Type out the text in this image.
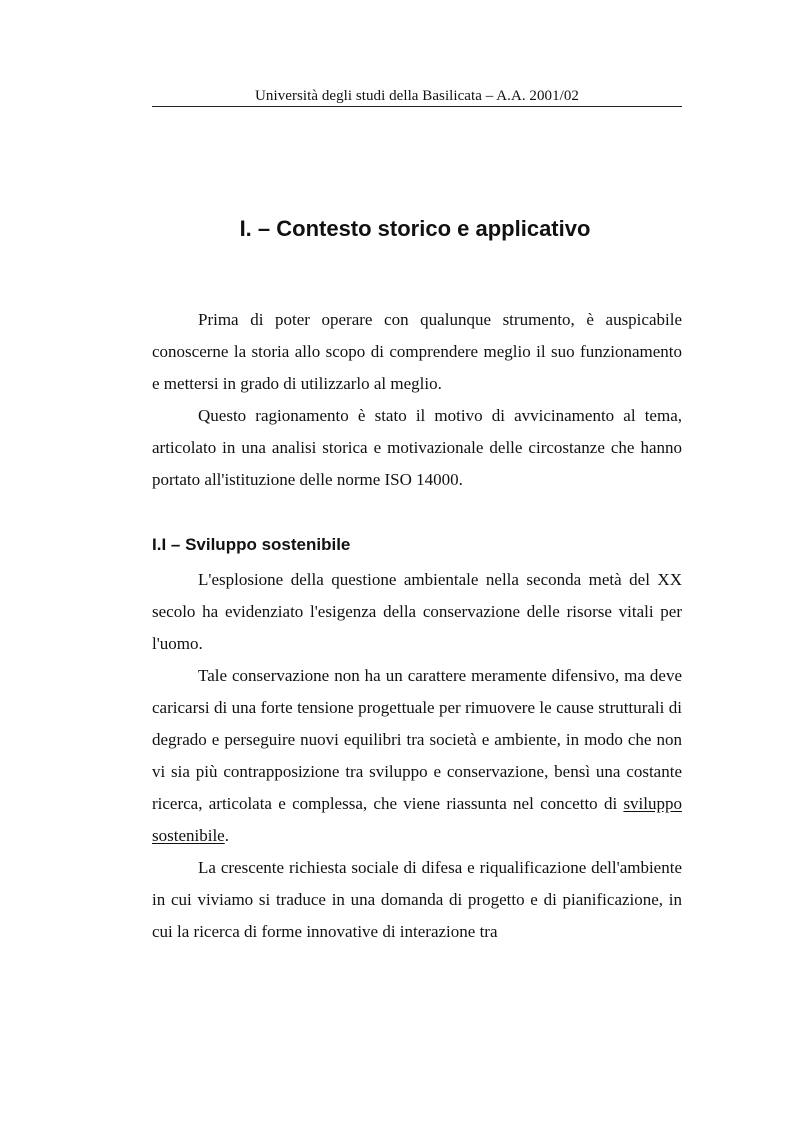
Università degli studi della Basilicata – A.A. 2001/02
I. – Contesto storico e applicativo

Prima di poter operare con qualunque strumento, è auspicabile conoscerne la storia allo scopo di comprendere meglio il suo funzionamento e mettersi in grado di utilizzarlo al meglio.

Questo ragionamento è stato il motivo di avvicinamento al tema, articolato in una analisi storica e motivazionale delle circostanze che hanno portato all'istituzione delle norme ISO 14000.

I.I – Sviluppo sostenibile

L'esplosione della questione ambientale nella seconda metà del XX secolo ha evidenziato l'esigenza della conservazione delle risorse vitali per l'uomo.

Tale conservazione non ha un carattere meramente difensivo, ma deve caricarsi di una forte tensione progettuale per rimuovere le cause strutturali di degrado e perseguire nuovi equilibri tra società e ambiente, in modo che non vi sia più contrapposizione tra sviluppo e conservazione, bensì una costante ricerca, articolata e complessa, che viene riassunta nel concetto di sviluppo sostenibile.

La crescente richiesta sociale di difesa e riqualificazione dell'ambiente in cui viviamo si traduce in una domanda di progetto e di pianificazione, in cui la ricerca di forme innovative di interazione tra
